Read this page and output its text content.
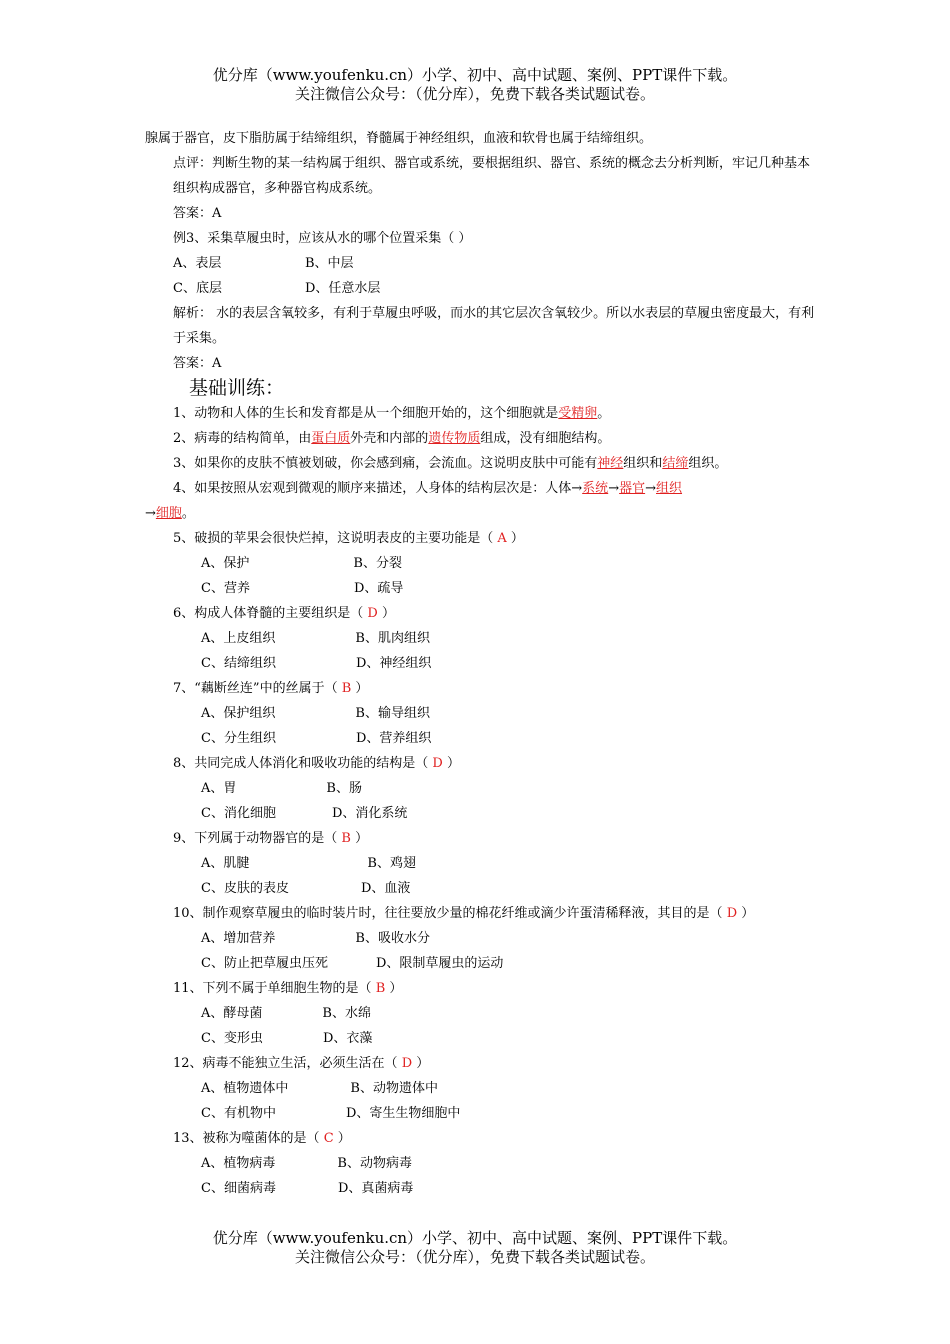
优分库（www.youfenku.cn）小学、初中、高中试题、案例、PPT课件下载。
关注微信公众号：（优分库），免费下载各类试题试卷。
腺属于器官，皮下脂肪属于结缔组织，脊髓属于神经组织，血液和软骨也属于结缔组织。
点评：判断生物的某一结构属于组织、器官或系统，要根据组织、器官、系统的概念去分析判断，牢记几种基本组织构成器官，多种器官构成系统。
答案：A
例3、采集草履虫时，应该从水的哪个位置采集（ ）
A、表层	B、中层
C、底层	D、任意水层
解析： 水的表层含氧较多，有利于草履虫呼吸，而水的其它层次含氧较少。所以水表层的草履虫密度最大，有利于采集。
答案：A
基础训练：
1、动物和人体的生长和发育都是从一个细胞开始的，这个细胞就是受精卵。
2、病毒的结构简单，由蛋白质外壳和内部的遗传物质组成，没有细胞结构。
3、如果你的皮肤不慎被划破，你会感到痛，会流血。这说明皮肤中可能有神经组织和结缔组织。
4、如果按照从宏观到微观的顺序来描述，人身体的结构层次是：人体→系统→器官→组织
→细胞。
5、破损的苹果会很快烂掉，这说明表皮的主要功能是（ A ）
A、保护	B、分裂
C、营养	D、疏导
6、构成人体脊髓的主要组织是（ D ）
A、上皮组织	B、肌肉组织
C、结缔组织	D、神经组织
7、“藕断丝连”中的丝属于（ B ）
A、保护组织	B、输导组织
C、分生组织	D、营养组织
8、共同完成人体消化和吸收功能的结构是（ D ）
A、胃	B、肠
C、消化细胞	D、消化系统
9、下列属于动物器官的是（ B ）
A、肌腱	B、鸡翅
C、皮肤的表皮	D、血液
10、制作观察草履虫的临时装片时，往往要放少量的棉花纤维或滴少许蛋清稀释液，其目的是（ D ）
A、增加营养	B、吸收水分
C、防止把草履虫压死	D、限制草履虫的运动
11、下列不属于单细胞生物的是（ B ）
A、酵母菌	B、水绵
C、变形虫	D、衣藻
12、病毒不能独立生活，必须生活在（ D ）
A、植物遗体中	B、动物遗体中
C、有机物中	D、寄生生物细胞中
13、被称为噬菌体的是（ C ）
A、植物病毒	B、动物病毒
C、细菌病毒	D、真菌病毒
优分库（www.youfenku.cn）小学、初中、高中试题、案例、PPT课件下载。
关注微信公众号：（优分库），免费下载各类试题试卷。
